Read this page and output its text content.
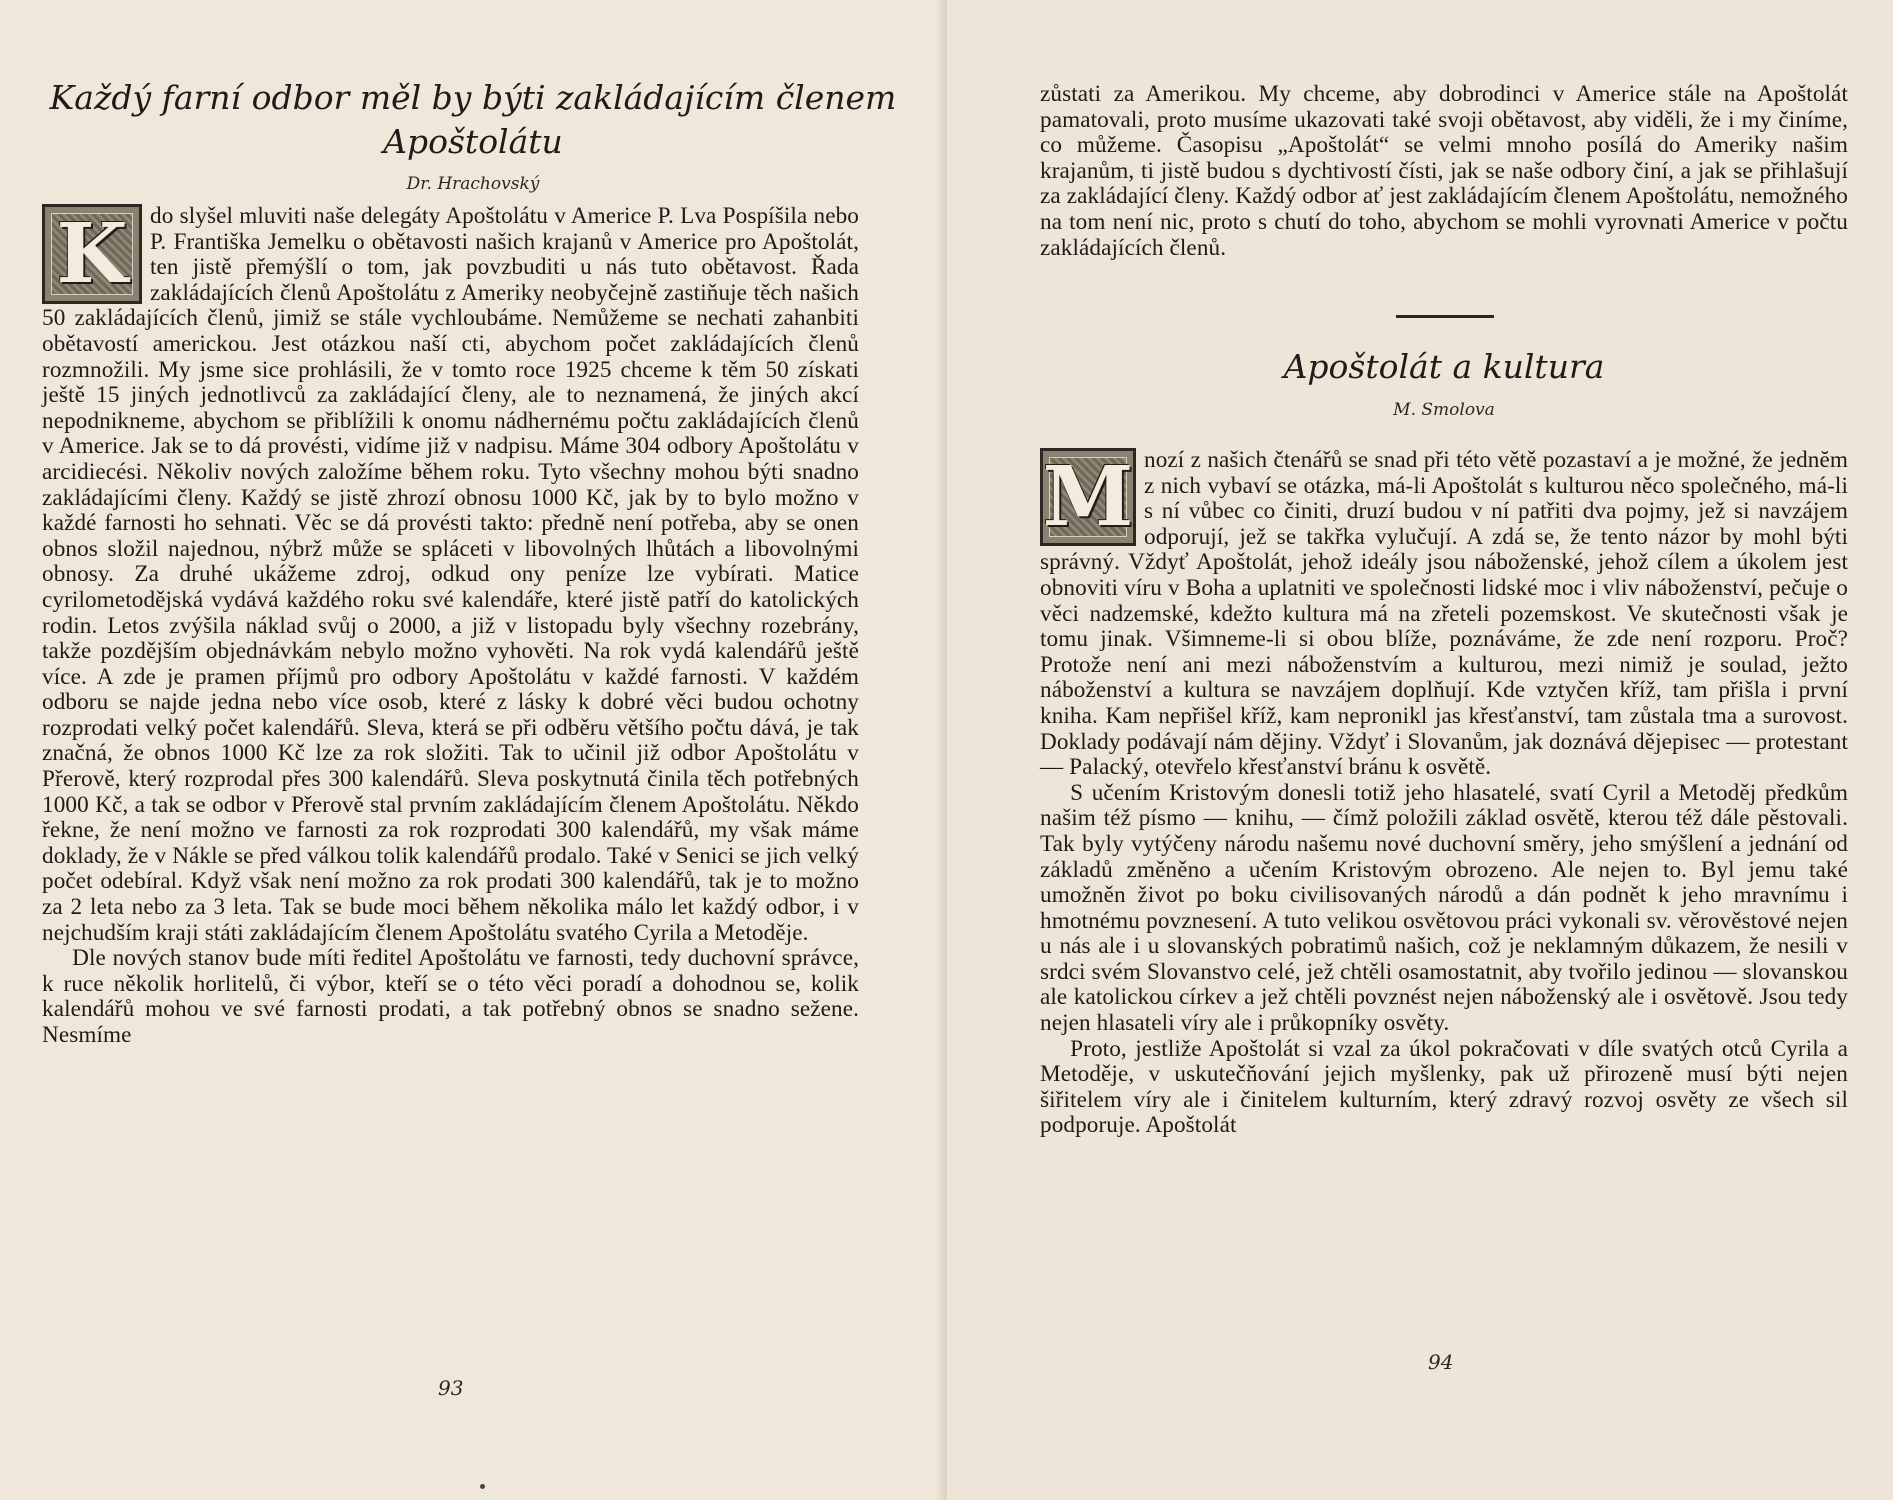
Každý farní odbor měl by býti zakládajícím členem Apoštolátu
Dr. Hrachovský

K do slyšel mluviti naše delegáty Apoštolátu v Americe P. Lva Pospíšila nebo P. Františka Jemelku o obětavosti našich krajanů v Americe pro Apoštolát, ten jistě přemýšlí o tom, jak povzbuditi u nás tuto obětavost. Řada zakládajících členů Apoštolátu z Ameriky neobyčejně zastiňuje těch našich 50 zakládajících členů, jimiž se stále vychloubáme. Nemůžeme se nechati zahanbiti obětavostí americkou. Jest otázkou naší cti, abychom počet zakládajících členů rozmnožili. My jsme sice prohlásili, že v tomto roce 1925 chceme k těm 50 získati ještě 15 jiných jednotlivců za zakládající členy, ale to neznamená, že jiných akcí nepodnikneme, abychom se přiblížili k onomu nádhernému počtu zakládajících členů v Americe. Jak se to dá provésti, vidíme již v nadpisu. Máme 304 odbory Apoštolátu v arcidiecési. Několiv nových založíme během roku. Tyto všechny mohou býti snadno zakládajícími členy. Každý se jistě zhrozí obnosu 1000 Kč, jak by to bylo možno v každé farnosti ho sehnati. Věc se dá provésti takto: předně není potřeba, aby se onen obnos složil najednou, nýbrž může se spláceti v libovolných lhůtách a libovolnými obnosy. Za druhé ukážeme zdroj, odkud ony peníze lze vybírati. Matice cyrilometodějská vydává každého roku své kalendáře, které jistě patří do katolických rodin. Letos zvýšila náklad svůj o 2000, a již v listopadu byly všechny rozebrány, takže pozdějším objednávkám nebylo možno vyhověti. Na rok vydá kalendářů ještě více. A zde je pramen příjmů pro odbory Apoštolátu v každé farnosti. V každém odboru se najde jedna nebo více osob, které z lásky k dobré věci budou ochotny rozprodati velký počet kalendářů. Sleva, která se při odběru většího počtu dává, je tak značná, že obnos 1000 Kč lze za rok složiti. Tak to učinil již odbor Apoštolátu v Přerově, který rozprodal přes 300 kalendářů. Sleva poskytnutá činila těch potřebných 1000 Kč, a tak se odbor v Přerově stal prvním zakládajícím členem Apoštolátu. Někdo řekne, že není možno ve farnosti za rok rozprodati 300 kalendářů, my však máme doklady, že v Nákle se před válkou tolik kalendářů prodalo. Také v Senici se jich velký počet odebíral. Když však není možno za rok prodati 300 kalendářů, tak je to možno za 2 leta nebo za 3 leta. Tak se bude moci během několika málo let každý odbor, i v nejchudším kraji státi zakládajícím členem Apoštolátu svatého Cyrila a Metoděje.

Dle nových stanov bude míti ředitel Apoštolátu ve farnosti, tedy duchovní správce, k ruce několik horlitelů, či výbor, kteří se o této věci poradí a dohodnou se, kolik kalendářů mohou ve své farnosti prodati, a tak potřebný obnos se snadno sežene. Nesmíme

93
zůstati za Amerikou. My chceme, aby dobrodinci v Americe stále na Apoštolát pamatovali, proto musíme ukazovati také svoji obětavost, aby viděli, že i my činíme, co můžeme. Časopisu „Apoštolát“ se velmi mnoho posílá do Ameriky našim krajanům, ti jistě budou s dychtivostí čísti, jak se naše odbory činí, a jak se přihlašují za zakládající členy. Každý odbor ať jest zakládajícím členem Apoštolátu, nemožného na tom není nic, proto s chutí do toho, abychom se mohli vyrovnati Americe v počtu zakládajících členů.
Apoštolát a kultura
M. Smolova

M nozí z našich čtenářů se snad při této větě pozastaví a je možné, že jednĕm z nich vybaví se otázka, má-li Apoštolát s kulturou něco společného, má-li s ní vůbec co činiti, druzí budou v ní patřiti dva pojmy, jež si navzájem odporují, jež se takřka vylučují. A zdá se, že tento názor by mohl býti správný. Vždyť Apoštolát, jehož ideály jsou náboženské, jehož cílem a úkolem jest obnoviti víru v Boha a uplatniti ve společnosti lidské moc i vliv náboženství, pečuje o věci nadzemské, kdežto kultura má na zřeteli pozemskost. Ve skutečnosti však je tomu jinak. Všimneme-li si obou blíže, poznáváme, že zde není rozporu. Proč? Protože není ani mezi náboženstvím a kulturou, mezi nimiž je soulad, ježto náboženství a kultura se navzájem doplňují. Kde vztyčen kříž, tam přišla i první kniha. Kam nepřišel kříž, kam nepronikl jas křesťanství, tam zůstala tma a surovost. Doklady podávají nám dějiny. Vždyť i Slovanům, jak doznává dějepisec — protestant — Palacký, otevřelo křesťanství bránu k osvětě.

S učením Kristovým donesli totiž jeho hlasatelé, svatí Cyril a Metoděj předkům našim též písmo — knihu, — čímž položili základ osvětě, kterou též dále pěstovali. Tak byly vytýčeny národu našemu nové duchovní směry, jeho smýšlení a jednání od základů změněno a učením Kristovým obrozeno. Ale nejen to. Byl jemu také umožněn život po boku civilisovaných národů a dán podnět k jeho mravnímu i hmotnému povznesení. A tuto velikou osvětovou práci vykonali sv. věrověstové nejen u nás ale i u slovanských pobratimů našich, což je neklamným důkazem, že nesili v srdci svém Slovanstvo celé, jež chtěli osamostatnit, aby tvořilo jedinou — slovanskou ale katolickou církev a jež chtěli povznést nejen náboženský ale i osvětově. Jsou tedy nejen hlasateli víry ale i průkopníky osvěty.

Proto, jestliže Apoštolát si vzal za úkol pokračovati v díle svatých otců Cyrila a Metoděje, v uskutečňování jejich myšlenky, pak už přirozeně musí býti nejen šiřitelem víry ale i činitelem kulturním, který zdravý rozvoj osvěty ze všech sil podporuje. Apoštolát

94
